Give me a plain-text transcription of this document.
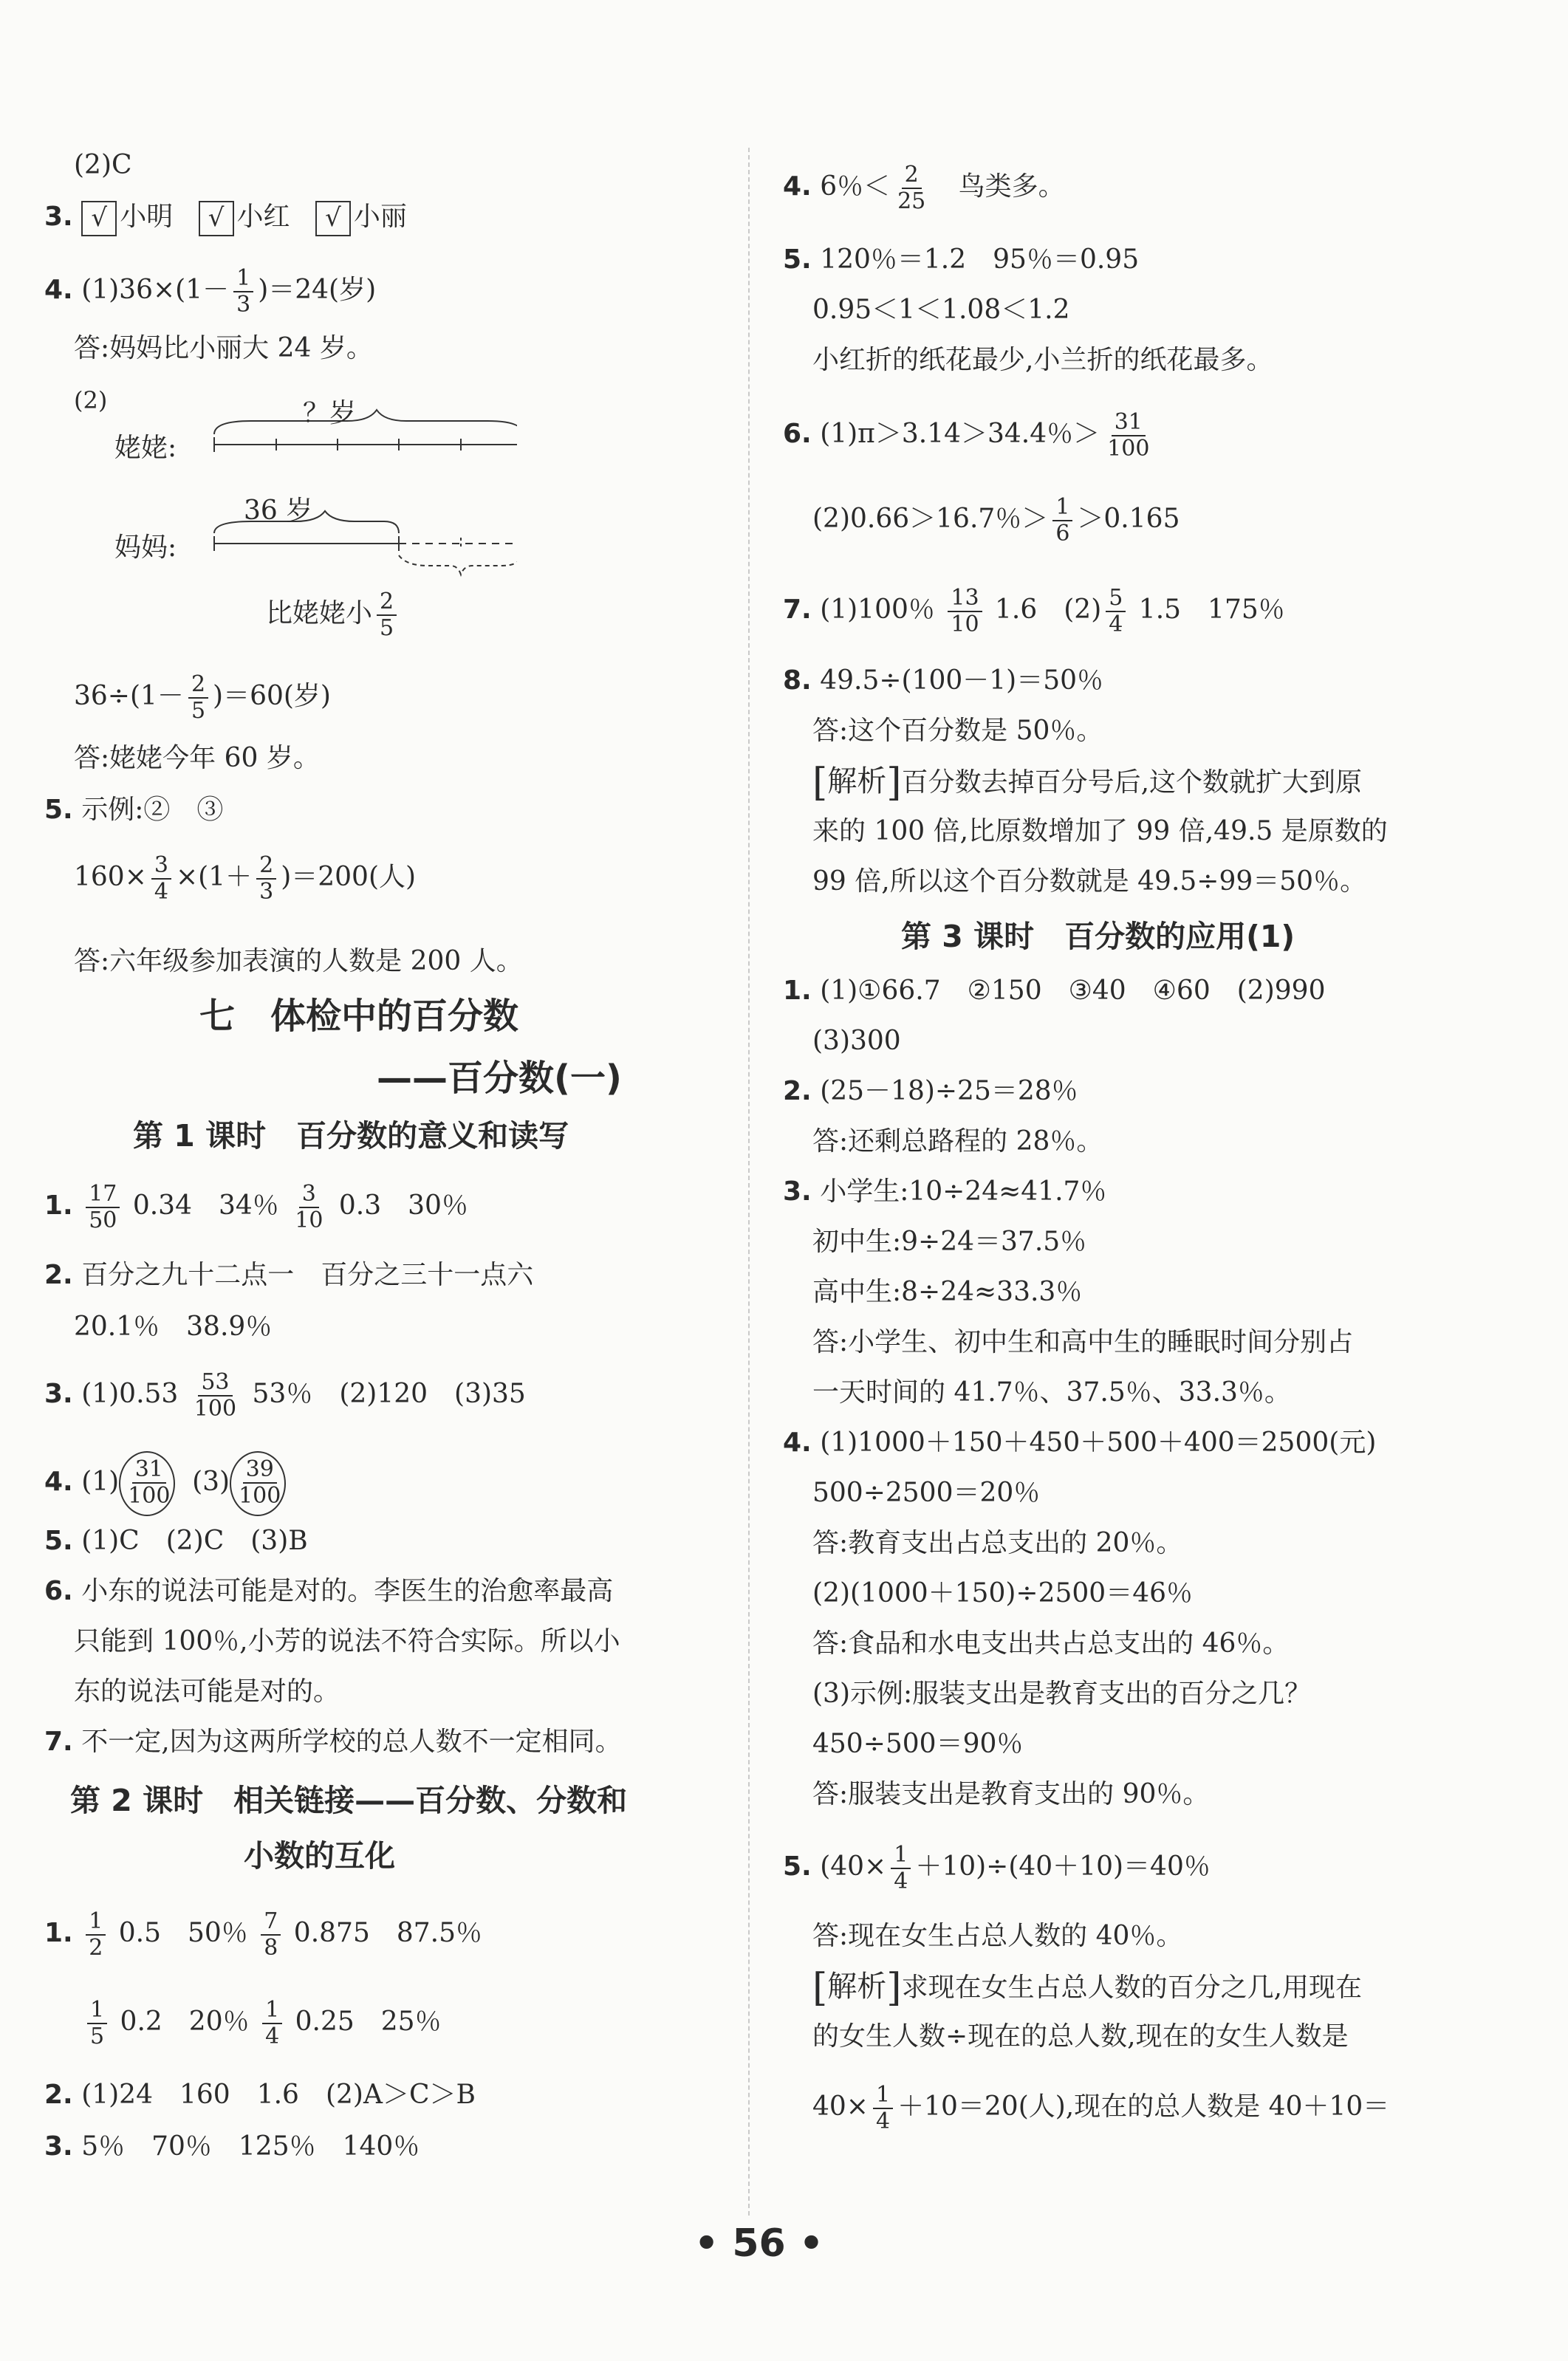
(2)C
3. √ 小明 √ 小红 √ 小丽
4. $(1)36\times(1- \frac{1}{3} )=24$(岁)
答:妈妈比小丽大 24 岁。
(2)	？岁
姥姥:
36 岁
妈妈:
比姥姥小 $\frac{2}{5}$
$36\div(1- \frac{2}{5} )=60$(岁)
答:姥姥今年 60 岁。
5. 示例:②　③
$160\times \frac{3}{4} \times(1+ \frac{2}{3} )=200$(人)
答:六年级参加表演的人数是 200 人。
七　体检中的百分数
——百分数(一)
第 1 课时　百分数的意义和读写
1. $\frac{17}{50} 0.34$　34％ $\frac{3}{10} 0.3$　30％
2. 百分之九十二点一　百分之三十一点六
20.1％　38.9％
3. $(1)0.53 \frac{53}{100} 53$％　(2)120　(3)35
4. $(1) \frac{31}{100} (3) \frac{39}{100}$
5. (1)C　(2)C　(3)B
6. 小东的说法可能是对的。李医生的治愈率最高
只能到 100％,小芳的说法不符合实际。所以小
东的说法可能是对的。
7. 不一定,因为这两所学校的总人数不一定相同。
第 2 课时　相关链接——百分数、分数和
小数的互化
1. $\frac{1}{2} 0.5$　50％ $\frac{7}{8} 0.875$　87.5％
$\frac{1}{5} 0.2$　20％ $\frac{1}{4} 0.25$　25％
2. (1)24　160　1.6　(2)A＞C＞B
3. 5％　70％　125％　140％
4. 6％＜ $\frac{2}{25}$ 鸟类多。
5. 120％＝1.2　95％＝0.95
0.95＜1＜1.08＜1.2
小红折的纸花最少,小兰折的纸花最多。
6. (1)π＞3.14＞34.4％＞ $\frac{31}{100}$
(2)0.66＞16.7％＞ $\frac{1}{6} >0.165$
7. (1)100％ $\frac{13}{10} 1.6$　$(2) \frac{5}{4} 1.5$　175％
8. 49.5÷(100－1)＝50％
答:这个百分数是 50％。
[解析]百分数去掉百分号后,这个数就扩大到原
来的 100 倍,比原数增加了 99 倍,49.5 是原数的
99 倍,所以这个百分数就是 49.5÷99＝50％。
第 3 课时　百分数的应用(1)
1. (1)①66.7　②150　③40　④60　(2)990
(3)300
2. (25－18)÷25＝28％
答:还剩总路程的 28％。
3. 小学生:10÷24≈41.7％
初中生:9÷24＝37.5％
高中生:8÷24≈33.3％
答:小学生、初中生和高中生的睡眠时间分别占
一天时间的 41.7％、37.5％、33.3％。
4. (1)1000＋150＋450＋500＋400＝2500(元)
500÷2500＝20％
答:教育支出占总支出的 20％。
(2)(1000＋150)÷2500＝46％
答:食品和水电支出共占总支出的 46％。
(3)示例:服装支出是教育支出的百分之几？
450÷500＝90％
答:服装支出是教育支出的 90％。
5. $(40\times \frac{1}{4} +10)\div(40+10)=40$％
答:现在女生占总人数的 40％。
[解析]求现在女生占总人数的百分之几,用现在
的女生人数÷现在的总人数,现在的女生人数是
$40\times \frac{1}{4} +10=20$(人),现在的总人数是 40＋10＝
• 56 •
